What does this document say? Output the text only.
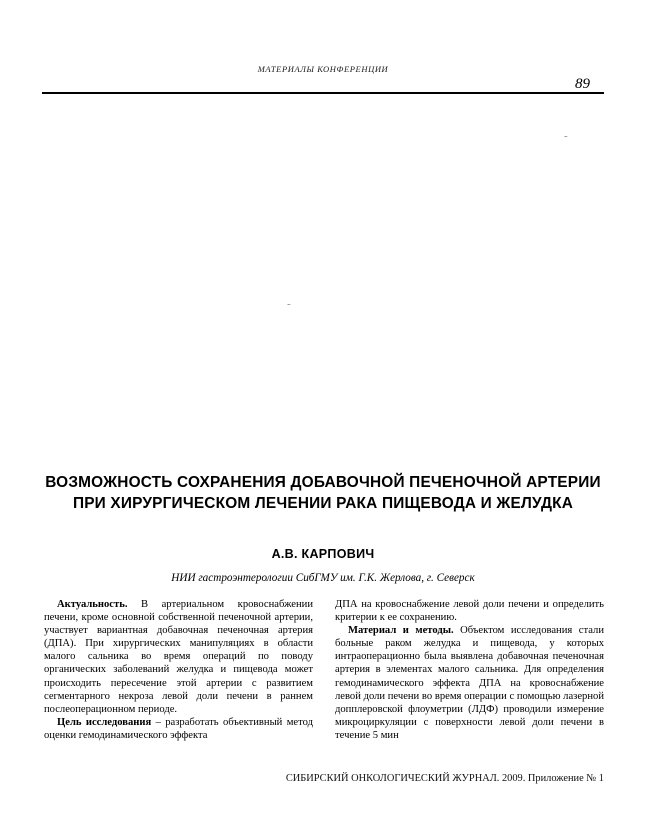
МАТЕРИАЛЫ КОНФЕРЕНЦИИ
89
-
-
ВОЗМОЖНОСТЬ СОХРАНЕНИЯ ДОБАВОЧНОЙ ПЕЧЕНОЧНОЙ АРТЕРИИ ПРИ ХИРУРГИЧЕСКОМ ЛЕЧЕНИИ РАКА ПИЩЕВОДА И ЖЕЛУДКА
А.В. КАРПОВИЧ
НИИ гастроэнтерологии СибГМУ им. Г.К. Жерлова, г. Северск

Актуальность. В артериальном кровоснабжении печени, кроме основной собственной печеночной артерии, участвует вариантная добавочная печеночная артерия (ДПА). При хирургических манипуляциях в области малого сальника во время операций по поводу органических заболеваний желудка и пищевода может происходить пересечение этой артерии с развитием сегментарного некроза левой доли печени в раннем послеоперационном периоде.

Цель исследования – разработать объективный метод оценки гемодинамического эффекта

ДПА на кровоснабжение левой доли печени и определить критерии к ее сохранению.

Материал и методы. Объектом исследования стали больные раком желудка и пищевода, у которых интраоперационно была выявлена добавочная печеночная артерия в элементах малого сальника. Для определения гемодинамического эффекта ДПА на кровоснабжение левой доли печени во время операции с помощью лазерной допплеровской флоуметрии (ЛДФ) проводили измерение микроциркуляции с поверхности левой доли печени в течение 5 мин

СИБИРСКИЙ ОНКОЛОГИЧЕСКИЙ ЖУРНАЛ. 2009. Приложение № 1
